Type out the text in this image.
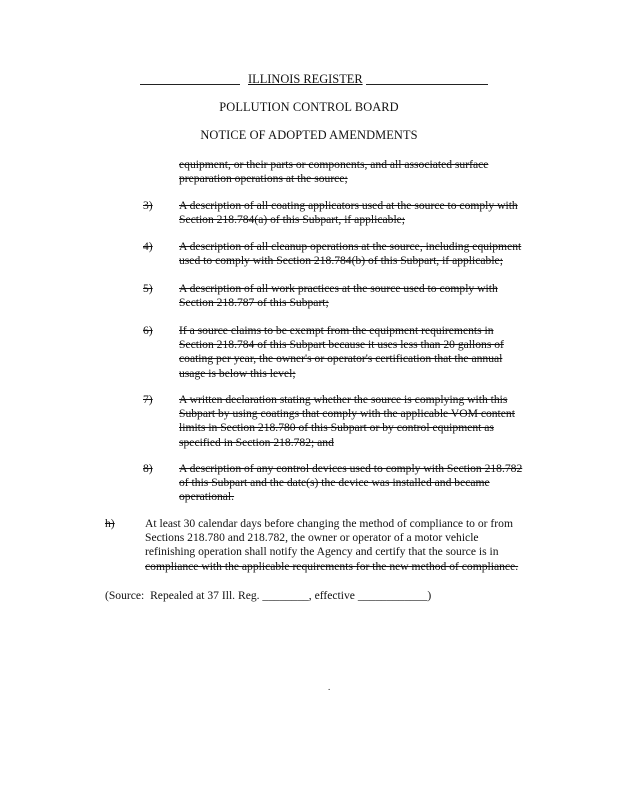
ILLINOIS REGISTER
POLLUTION CONTROL BOARD
NOTICE OF ADOPTED AMENDMENTS
equipment, or their parts or components, and all associated surface
preparation operations at the source;
3) A description of all coating applicators used at the source to comply with
Section 218.784(a) of this Subpart, if applicable;
4) A description of all cleanup operations at the source, including equipment
used to comply with Section 218.784(b) of this Subpart, if applicable;
5) A description of all work practices at the source used to comply with
Section 218.787 of this Subpart;
6) If a source claims to be exempt from the equipment requirements in
Section 218.784 of this Subpart because it uses less than 20 gallons of
coating per year, the owner's or operator's certification that the annual
usage is below this level;
7) A written declaration stating whether the source is complying with this
Subpart by using coatings that comply with the applicable VOM content
limits in Section 218.780 of this Subpart or by control equipment as
specified in Section 218.782; and
8) A description of any control devices used to comply with Section 218.782
of this Subpart and the date(s) the device was installed and became
operational.
h)	At least 30 calendar days before changing the method of compliance to or from
Sections 218.780 and 218.782, the owner or operator of a motor vehicle
refinishing operation shall notify the Agency and certify that the source is in
compliance with the applicable requirements for the new method of compliance.
(Source:  Repealed at 37 Ill. Reg. ________, effective ____________)
.
